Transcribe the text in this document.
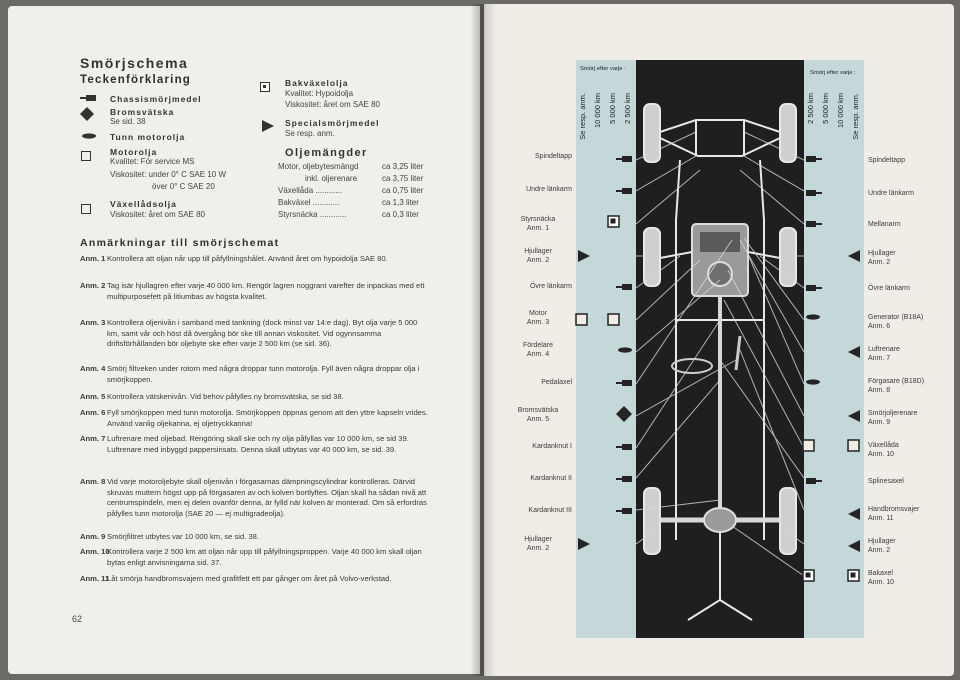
Smörjschema
Teckenförklaring
Chassismörjmedel
Bromsvätska
Se sid. 38
Tunn motorolja
Motorolja
Kvalitet: För service MS
Viskositet: under 0° C SAE 10 W
över 0° C SAE 20
Växellådsolja
Viskositet: året om SAE 80
Bakväxelolja
Kvalitet: Hypoidolja
Viskositet: året om SAE 80
Specialsmörjmedel
Se resp. anm.
Oljemängder
Motor, oljebytesmängd	ca 3,25 liter
inkl. oljerenare	ca 3,75 liter
Växellåda ............	ca 0,75 liter
Bakväxel ............	ca 1,3 liter
Styrsnäcka ............	ca 0,3 liter
Anmärkningar till smörjschemat
Anm. 1 Kontrollera att oljan når upp till påfyllningshålet. Använd året om hypoidolja SAE 80.
Anm. 2 Tag isär hjullagren efter varje 40 000 km. Rengör lagren noggrant varefter de inpackas med ett multipurposefett på litiumbas av högsta kvalitet.
Anm. 3 Kontrollera oljenivån i samband med tankning (dock minst var 14:e dag). Byt olja varje 5 000 km, samt vår och höst då övergång bör ske till annan viskositet. Vid ogynnsamma driftsförhållanden bör oljebyte ske efter varje 2 500 km (se sid. 36).
Anm. 4 Smörj filtveken under rotorn med några droppar tunn motorolja. Fyll även några droppar olja i smörjkoppen.
Anm. 5 Kontrollera vätskenivån. Vid behov påfylles ny bromsvätska, se sid 38.
Anm. 6 Fyll smörjkoppen med tunn motorolja. Smörjkoppen öppnas genom att den yttre kapseln vrides. Använd vanlig oljekanna, ej oljetryckkanna!
Anm. 7 Luftrenare med oljebad. Rengöring skall ske och ny olja påfyllas var 10 000 km, se sid 39. Luftrenare med inbyggd pappersinsats. Denna skall utbytas var 40 000 km, se sid. 39.
Anm. 8 Vid varje motoroljebyte skall oljenivån i förgasarnas dämpningscylindrar kontrolleras. Därvid skruvas muttern högst upp på förgasaren av och kolven bortlyftes. Oljan skall ha sådan nivå att centrumspindeln, men ej delen ovanför denna, är fylld när kolven är monterad. Om så erfordras påfylles tunn motorolja (SAE 20 — ej multigradeolja).
Anm. 9 Smörjfiltret utbytes var 10 000 km, se sid. 38.
Anm. 10
Kontrollera varje 2 500 km att oljan når upp till påfyllningsproppen. Varje 40 000 km skall oljan bytas enligt anvisningarna sid. 37.
Anm. 11
Låt smörja handbromsvajern med grafitfett ett par gånger om året på Volvo-verkstad.
62
Smörj efter varje :
Smörj efter varje :
Se resp. anm. 10 000 km 5 000 km 2 500 km	2 500 km 5 000 km 10 000 km Se resp. anm.
Spindeltapp
Undre länkarm
Styrsnäcka
Anm. 1
Hjullager
Anm. 2
Övre länkarm
Motor
Anm. 3
Fördelare
Anm. 4
Pedalaxel
Bromsvätska
Anm. 5
Kardanknut I
Kardanknut II
Kardanknut III
Hjullager
Anm. 2
Spindeltapp
Undre länkarm
Mellanarm
Hjullager
Anm. 2
Övre länkarm
Generator (B18A)
Anm. 6
Luftrenare
Anm. 7
Förgasare (B18D)
Anm. 8
Smörjoljerenare
Anm. 9
Växellåda
Anm. 10
Splinesaxel
Handbromsvajer
Anm. 11
Hjullager
Anm. 2
Bakaxel
Anm. 10
